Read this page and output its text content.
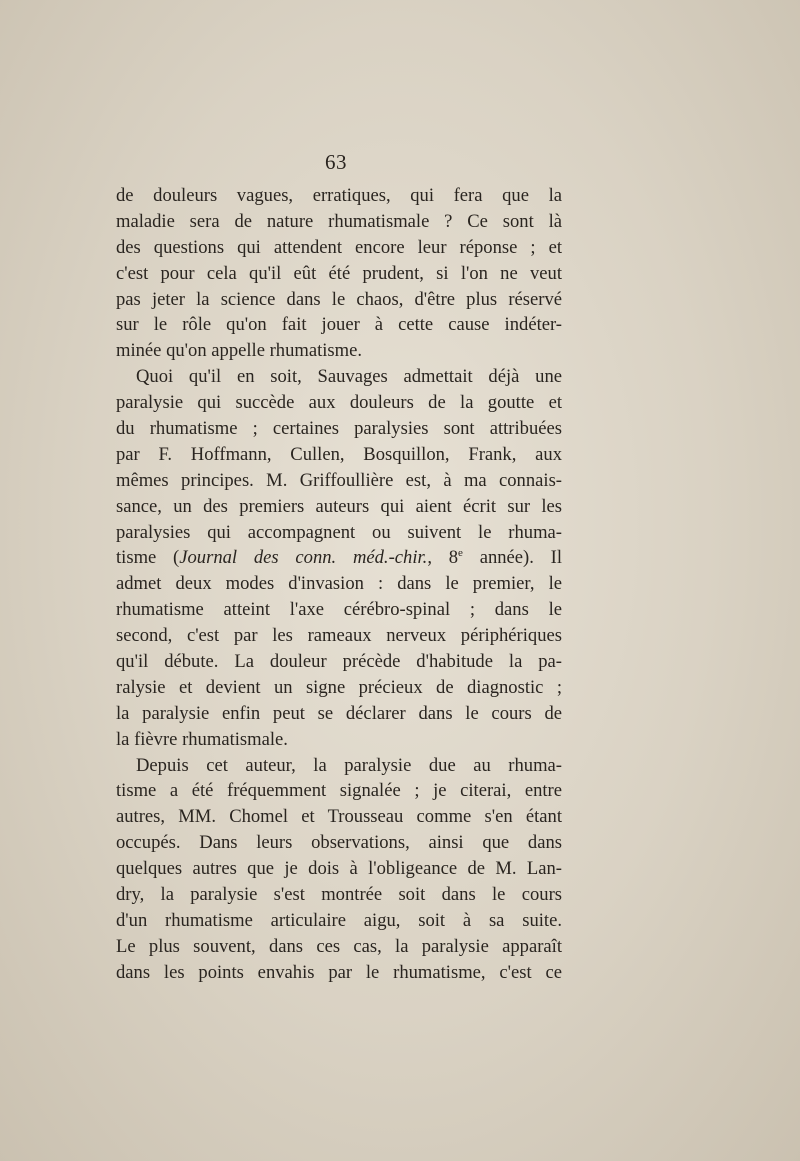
63
de douleurs vagues, erratiques, qui fera que la
maladie sera de nature rhumatismale ? Ce sont là
des questions qui attendent encore leur réponse ; et
c'est pour cela qu'il eût été prudent, si l'on ne veut
pas jeter la science dans le chaos, d'être plus réservé
sur le rôle qu'on fait jouer à cette cause indéter-
minée qu'on appelle rhumatisme.
Quoi qu'il en soit, Sauvages admettait déjà une
paralysie qui succède aux douleurs de la goutte et
du rhumatisme ; certaines paralysies sont attribuées
par F. Hoffmann, Cullen, Bosquillon, Frank, aux
mêmes principes. M. Griffoullière est, à ma connais-
sance, un des premiers auteurs qui aient écrit sur les
paralysies qui accompagnent ou suivent le rhuma-
tisme (Journal des conn. méd.-chir., 8e année). Il
admet deux modes d'invasion : dans le premier, le
rhumatisme atteint l'axe cérébro-spinal ; dans le
second, c'est par les rameaux nerveux périphériques
qu'il débute. La douleur précède d'habitude la pa-
ralysie et devient un signe précieux de diagnostic ;
la paralysie enfin peut se déclarer dans le cours de
la fièvre rhumatismale.
Depuis cet auteur, la paralysie due au rhuma-
tisme a été fréquemment signalée ; je citerai, entre
autres, MM. Chomel et Trousseau comme s'en étant
occupés. Dans leurs observations, ainsi que dans
quelques autres que je dois à l'obligeance de M. Lan-
dry, la paralysie s'est montrée soit dans le cours
d'un rhumatisme articulaire aigu, soit à sa suite.
Le plus souvent, dans ces cas, la paralysie apparaît
dans les points envahis par le rhumatisme, c'est ce
